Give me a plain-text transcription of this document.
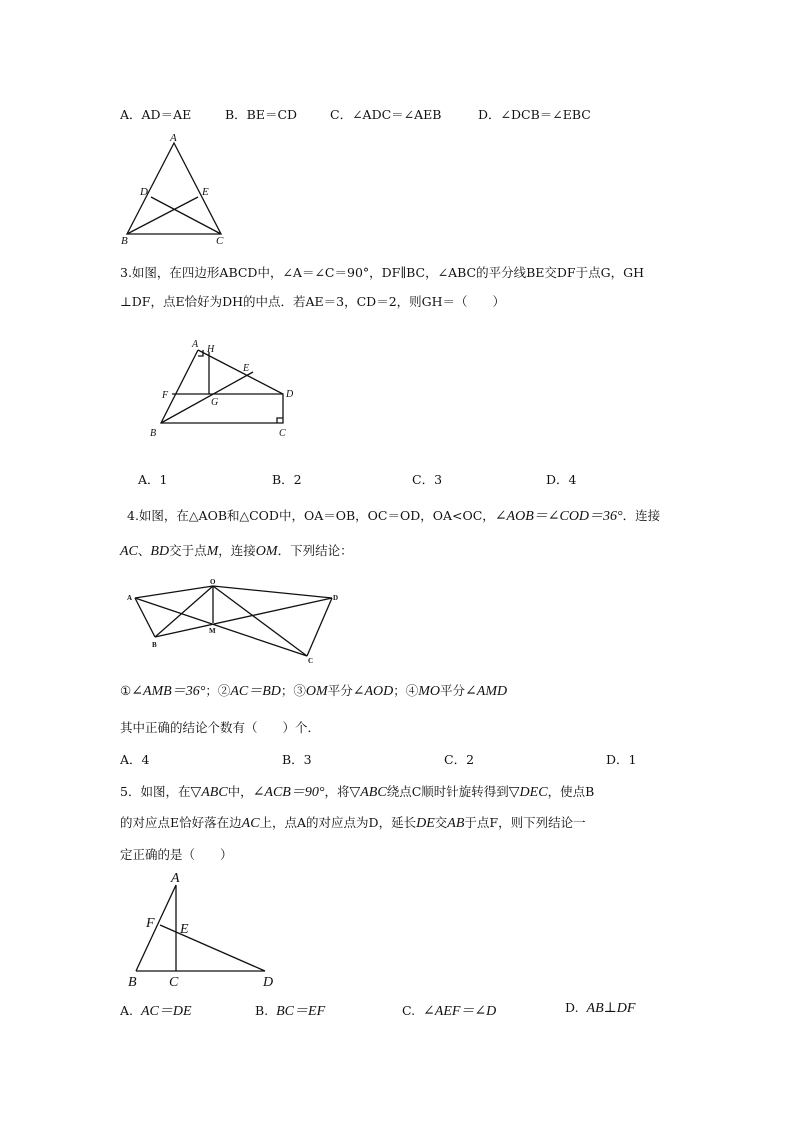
A．AD＝AE	B．BE＝CD	C．∠ADC＝∠AEB	D．∠DCB＝∠EBC
A
D	E
B	C
3.如图，在四边形ABCD中，∠A＝∠C＝90°，DF∥BC，∠ABC的平分线BE交DF于点G，GH
⊥DF，点E恰好为DH的中点．若AE＝3，CD＝2，则GH＝（　　）
A H
E
D
F
G
B	C
A．1	B．2	C．3	D．4
4.如图，在△AOB和△COD中，OA＝OB，OC＝OD，OA<OC，∠AOB＝∠COD＝36°．连接
AC、BD交于点M，连接OM．下列结论：
A
O
D
B
M
C
①∠AMB＝36°；②AC＝BD；③OM平分∠AOD；④MO平分∠AMD
其中正确的结论个数有（　　）个．
A．4	B．3	C．2	D．1
5．如图，在▽ABC中，∠ACB＝90°，将▽ABC绕点C顺时针旋转得到▽DEC，使点B
的对应点E恰好落在边AC上，点A的对应点为D，延长DE交AB于点F，则下列结论一
定正确的是（　　）
A
F E
B C	D
A. AC＝DE	B. BC＝EF	C. ∠AEF＝∠D	D. AB⊥DF
